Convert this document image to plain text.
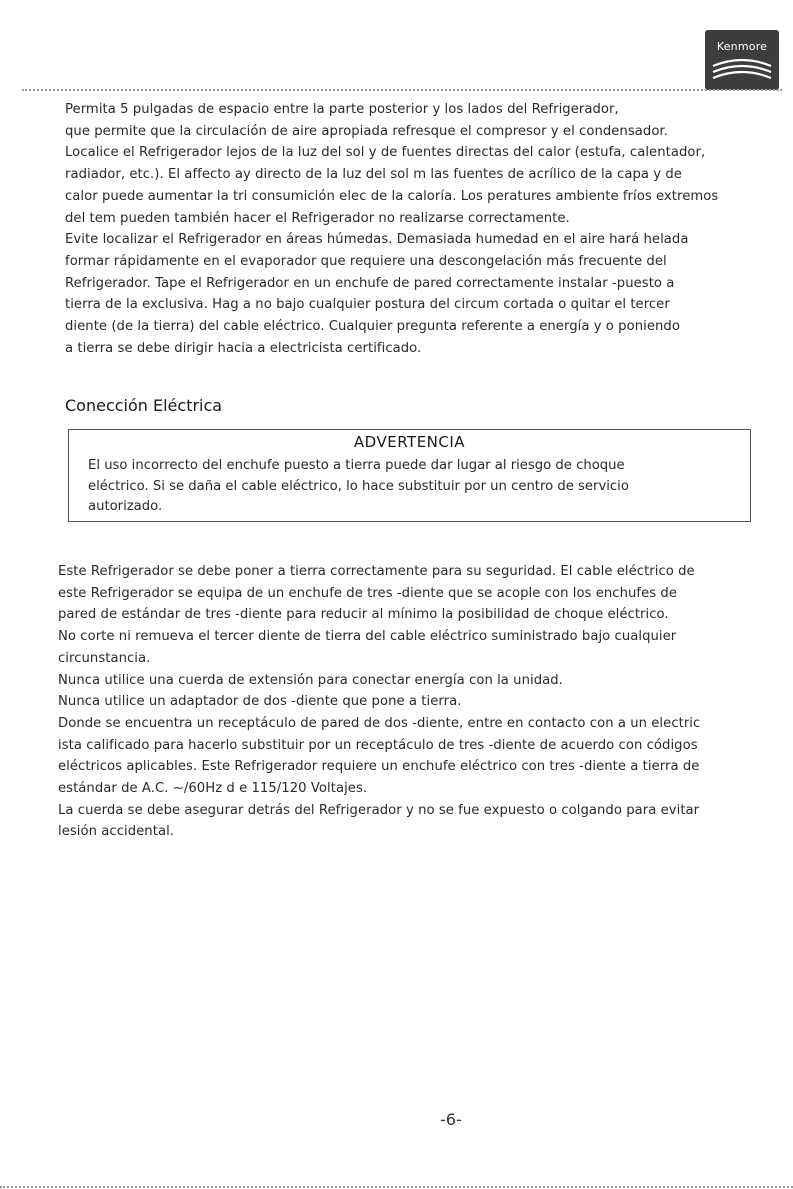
Kenmore

Permita 5 pulgadas de espacio entre la parte posterior y los lados del Refrigerador,
que permite que la circulación de aire apropiada refresque el compresor y el condensador.
Localice el Refrigerador lejos de la luz del sol y de fuentes directas del calor (estufa, calentador,
radiador, etc.). El affecto ay directo de la luz del sol m las fuentes de acrílico de la capa y de
calor puede aumentar la tri consumición elec de la caloría. Los peratures ambiente fríos extremos
del tem pueden también hacer el Refrigerador no realizarse correctamente.
Evite localizar el Refrigerador en áreas húmedas. Demasiada humedad en el aire hará helada
formar rápidamente en el evaporador que requiere una descongelación más frecuente del
Refrigerador. Tape el Refrigerador en un enchufe de pared correctamente instalar -puesto a
tierra de la exclusiva. Hag a no bajo cualquier postura del circum cortada o quitar el tercer
diente (de la tierra) del cable eléctrico. Cualquier pregunta referente a energía y o poniendo
a tierra se debe dirigir hacia a electricista certificado.

Conección Eléctrica
ADVERTENCIA

El uso incorrecto del enchufe puesto a tierra puede dar lugar al riesgo de choque
eléctrico. Si se daña el cable eléctrico, lo hace substituir por un centro de servicio
autorizado.

Este Refrigerador se debe poner a tierra correctamente para su seguridad. El cable eléctrico de
este Refrigerador se equipa de un enchufe de tres -diente que se acople con los enchufes de
pared de estándar de tres -diente para reducir al mínimo la posibilidad de choque eléctrico.
No corte ni remueva el tercer diente de tierra del cable eléctrico suministrado bajo cualquier
circunstancia.
Nunca utilice una cuerda de extensión para conectar energía con la unidad.
Nunca utilice un adaptador de dos -diente que pone a tierra.
Donde se encuentra un receptáculo de pared de dos -diente, entre en contacto con a un electric
ista calificado para hacerlo substituir por un receptáculo de tres -diente de acuerdo con códigos
eléctricos aplicables. Este Refrigerador requiere un enchufe eléctrico con tres -diente a tierra de
estándar de A.C. ~/60Hz d e 115/120 Voltajes.
La cuerda se debe asegurar detrás del Refrigerador y no se fue expuesto o colgando para evitar
lesión accidental.

-6-
